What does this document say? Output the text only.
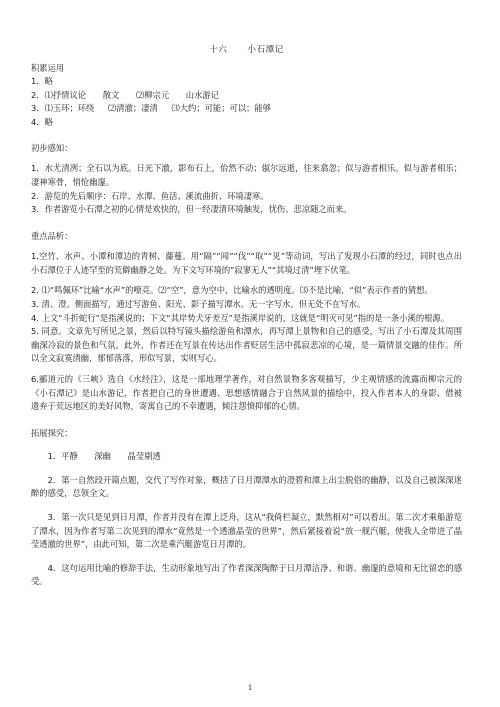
十六 小石潭记
积累运用
1．略
2．⑴抒情议论 散文 ⑵柳宗元 山水游记
3．⑴玉环；环绕 ⑵清澈；凄清 ⑶大约；可能；可以；能够
4．略
初步感知：

1．水尤清冽；全石以为底。日光下澈，影布石上，佁然不动；俶尔远逝，往来翕忽；似与游者相乐。似与游者相乐；凄神寒骨，悄怆幽邃。

2．游览的先后顺序：石岸、水潭、鱼活、溪流曲折、环境凄寒。

3．作者游览小石潭之初的心情是欢快的，但一经凄清环境触发，忧伤、悲凉随之而来。

重点品析：

1.空竹、水声、小潭和潭边的青树、藤蔓。用“隔”“闻”“伐”“取”“见”等动词，写出了发现小石潭的经过，同时也点出小石潭位于人迹罕至的荒僻幽静之处。为下文写环境的“寂寥无人”“其境过清”埋下伏笔。

2. ⑴“鸣佩环”比喻“水声”的嘹亮。⑵“空”，意为空中，比喻水的透明度。⑶不是比喻，“似”表示作者的猜想。

3. 清、澄。侧面描写，通过写游鱼、阳光、影子描写潭水。无一字写水，但无处不在写水。

4. 上文“斗折蛇行”是指溪说的；下文“其岸势犬牙差互”是指溪岸说的，这就是“明灭可见”指的是一条小溪的根源。

5. 同意。文章先写所见之景，然后以特写镜头描绘游鱼和潭水，再写潭上景物和自己的感受，写出了小石潭及其周围幽深冷寂的景色和气氛。此外，作者还在写景在传达出作者贬居生活中孤寂悲凉的心境，是一篇情景交融的佳作。所以全文寂寞清幽，郁郁落落，形似写景，实则写心。

6.郦道元的《三峡》选自《水经注》，这是一部地理学著作，对自然景物多客观描写，少主观情感的流露而柳宗元的《小石潭记》是山水游记，作者把自己的身世遭遇、思想感情融合于自然风景的描绘中，投入作者本人的身影、借被遗弃于荒远地区的美好风物，寄寓自己的不幸遭遇，倾注怨愤抑郁的心情。

拓展探究：

1．平静　　深幽　　晶莹剔透

2．第一自然段开篇点题，交代了写作对象，概括了日月潭潭水的澄碧和潭上出尘脱俗的幽静，以及自己被深深迷醉的感受，总领全文。

3．第一次只是见到日月潭，作者并没有在潭上泛舟，这从“我倚栏凝立，默然相对”可以看出。第二次才乘船游览了潭水，因为作者写第二次见到的潭水“竟然是一个透澈晶莹的世界”，然后紧接着说“放一舰汽艇，使我人全带进了晶莹透澈的世界”，由此可知，第二次是乘汽艇游览日月潭的。

4．这句运用比喻的修辞手法，生动形象地写出了作者深深陶醉于日月潭洁净、和谐、幽邃的意境和无比留恋的感受。

1
